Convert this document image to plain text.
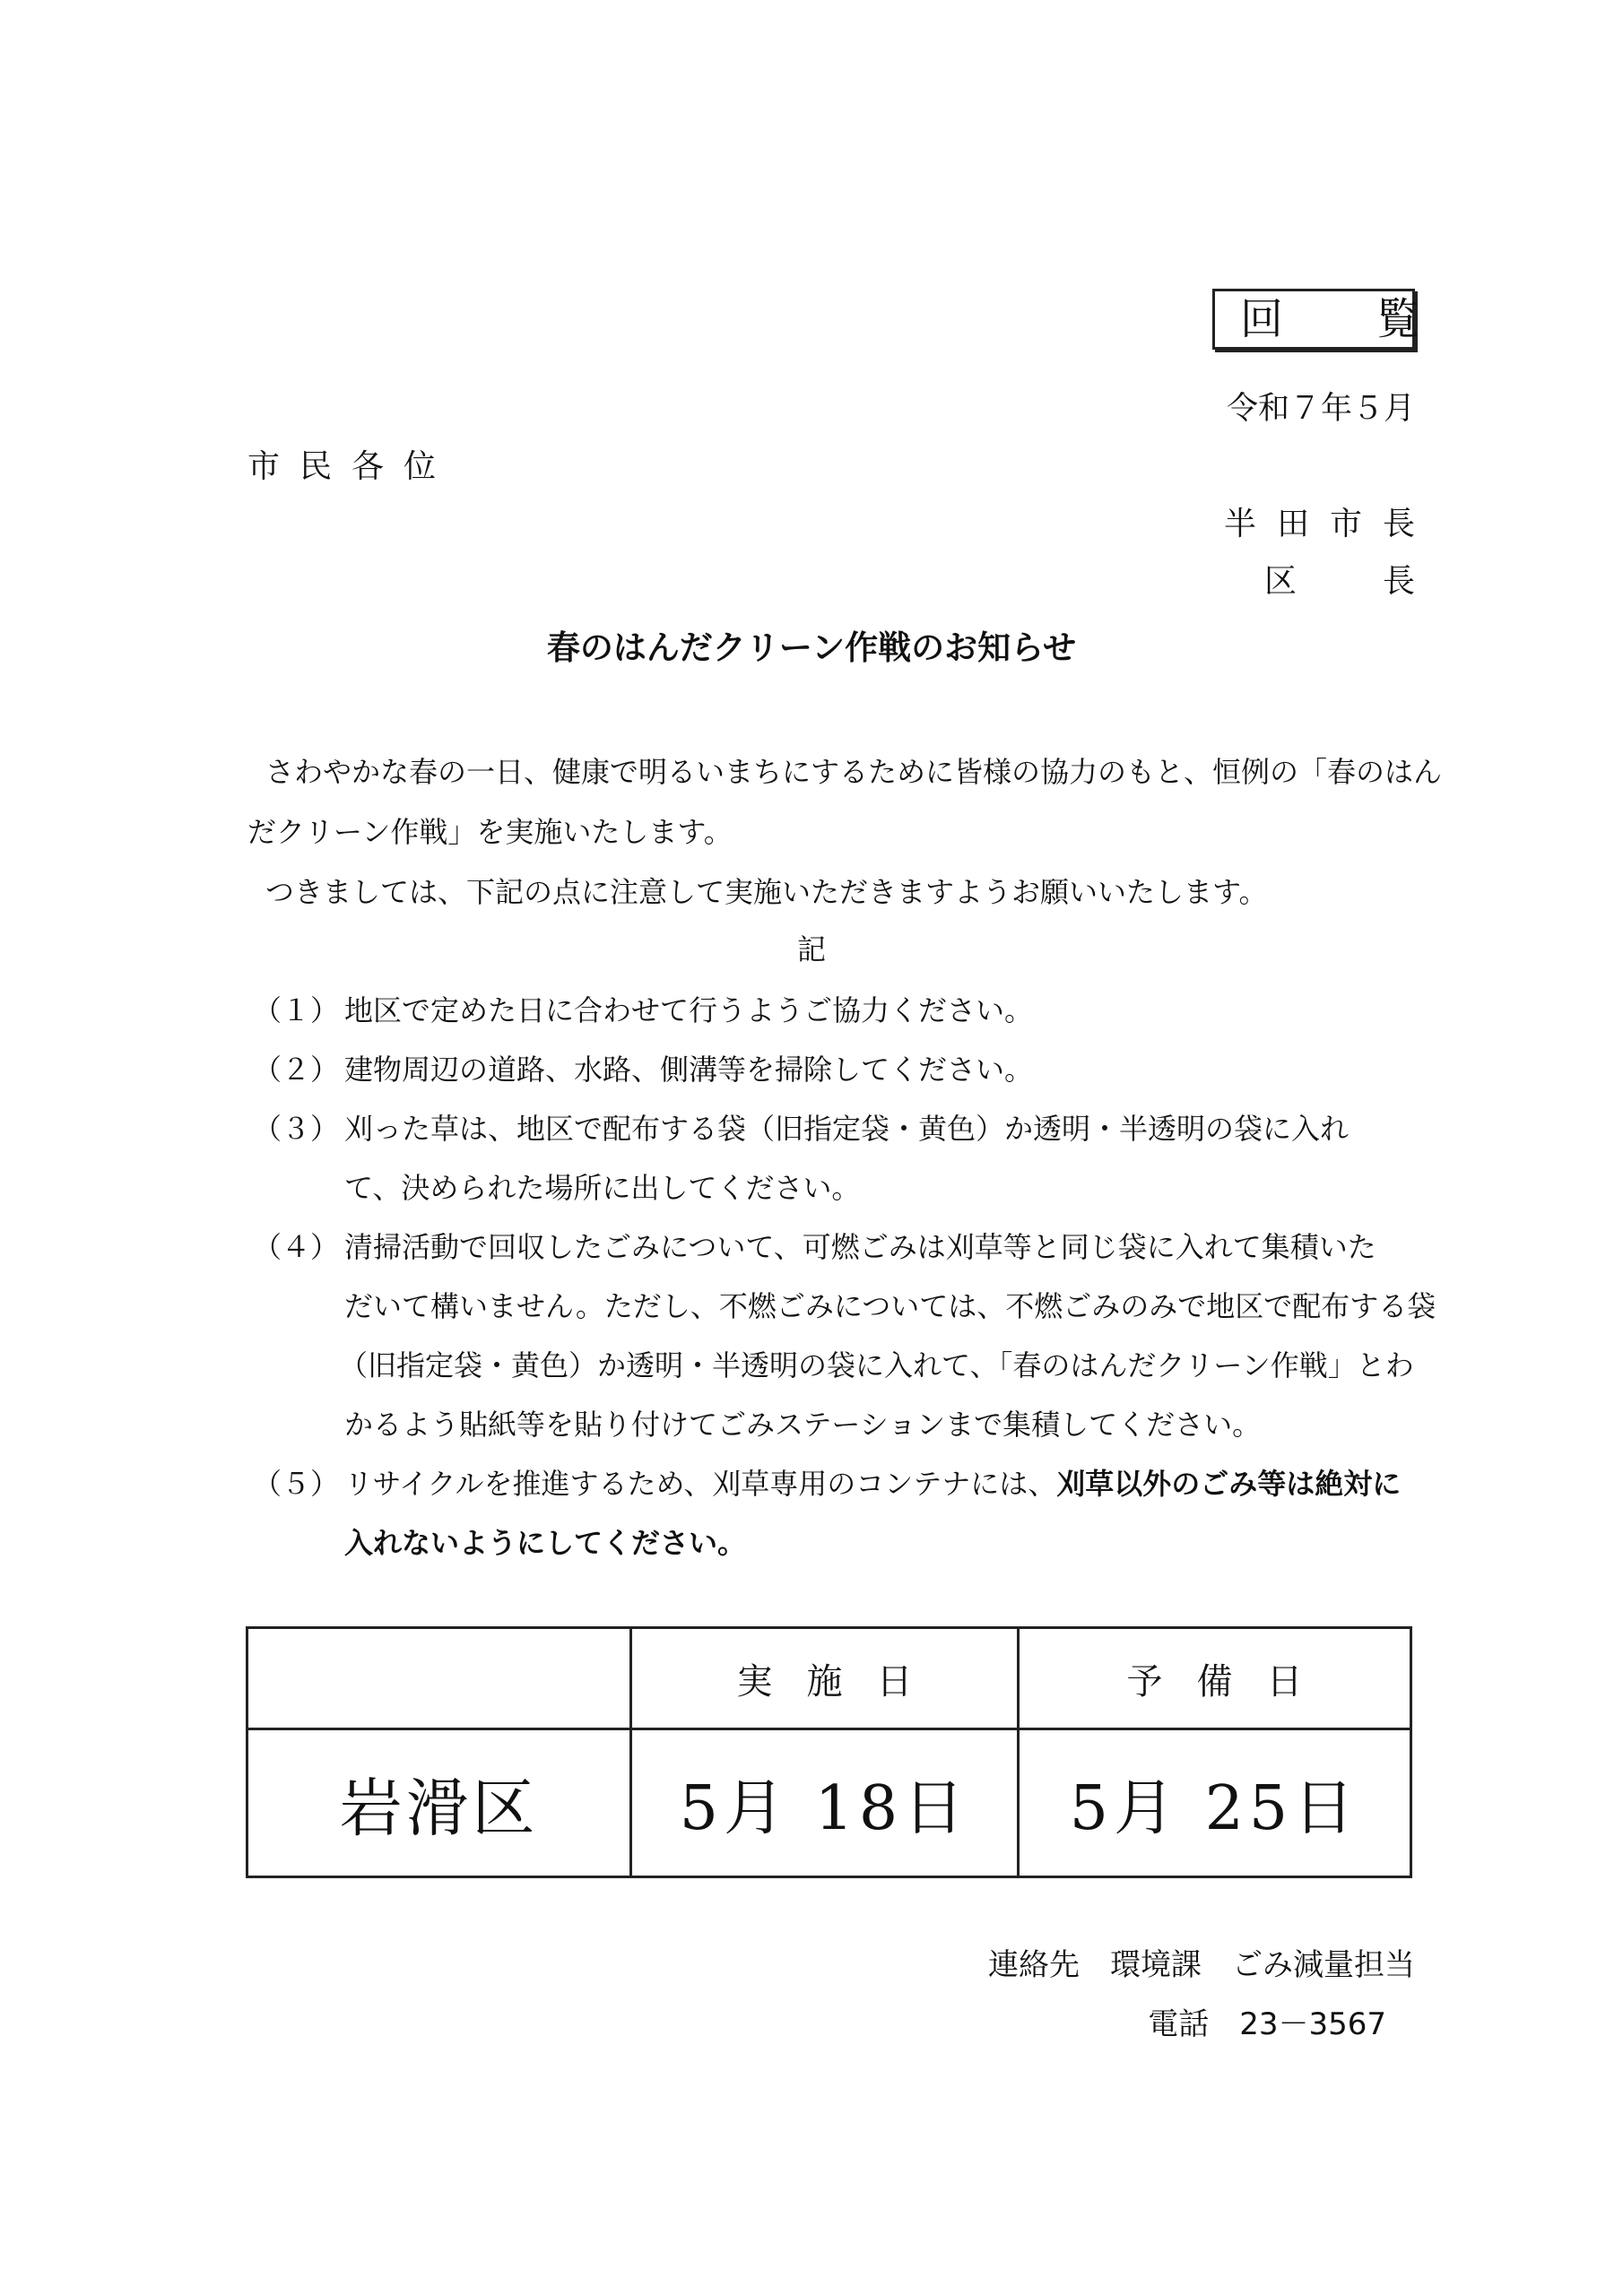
回　覧
令和７年５月
市民各位
半田市長
区長
春のはんだクリーン作戦のお知らせ
さわやかな春の一日、健康で明るいまちにするために皆様の協力のもと、恒例の「春のはん
だクリーン作戦」を実施いたします。
つきましては、下記の点に注意して実施いただきますようお願いいたします。
記
（１） 地区で定めた日に合わせて行うようご協力ください。
（２） 建物周辺の道路、水路、側溝等を掃除してください。
（３） 刈った草は、地区で配布する袋（旧指定袋・黄色）か透明・半透明の袋に入れ
て、決められた場所に出してください。
（４） 清掃活動で回収したごみについて、可燃ごみは刈草等と同じ袋に入れて集積いた
だいて構いません。ただし、不燃ごみについては、不燃ごみのみで地区で配布する袋
（旧指定袋・黄色）か透明・半透明の袋に入れて、「春のはんだクリーン作戦」とわ
かるよう貼紙等を貼り付けてごみステーションまで集積してください。
（５） リサイクルを推進するため、刈草専用のコンテナには、刈草以外のごみ等は絶対に
入れないようにしてください。
	実施日	予備日
岩滑区	5月 18日	5月 25日
連絡先　環境課　ごみ減量担当
電話　23－3567
